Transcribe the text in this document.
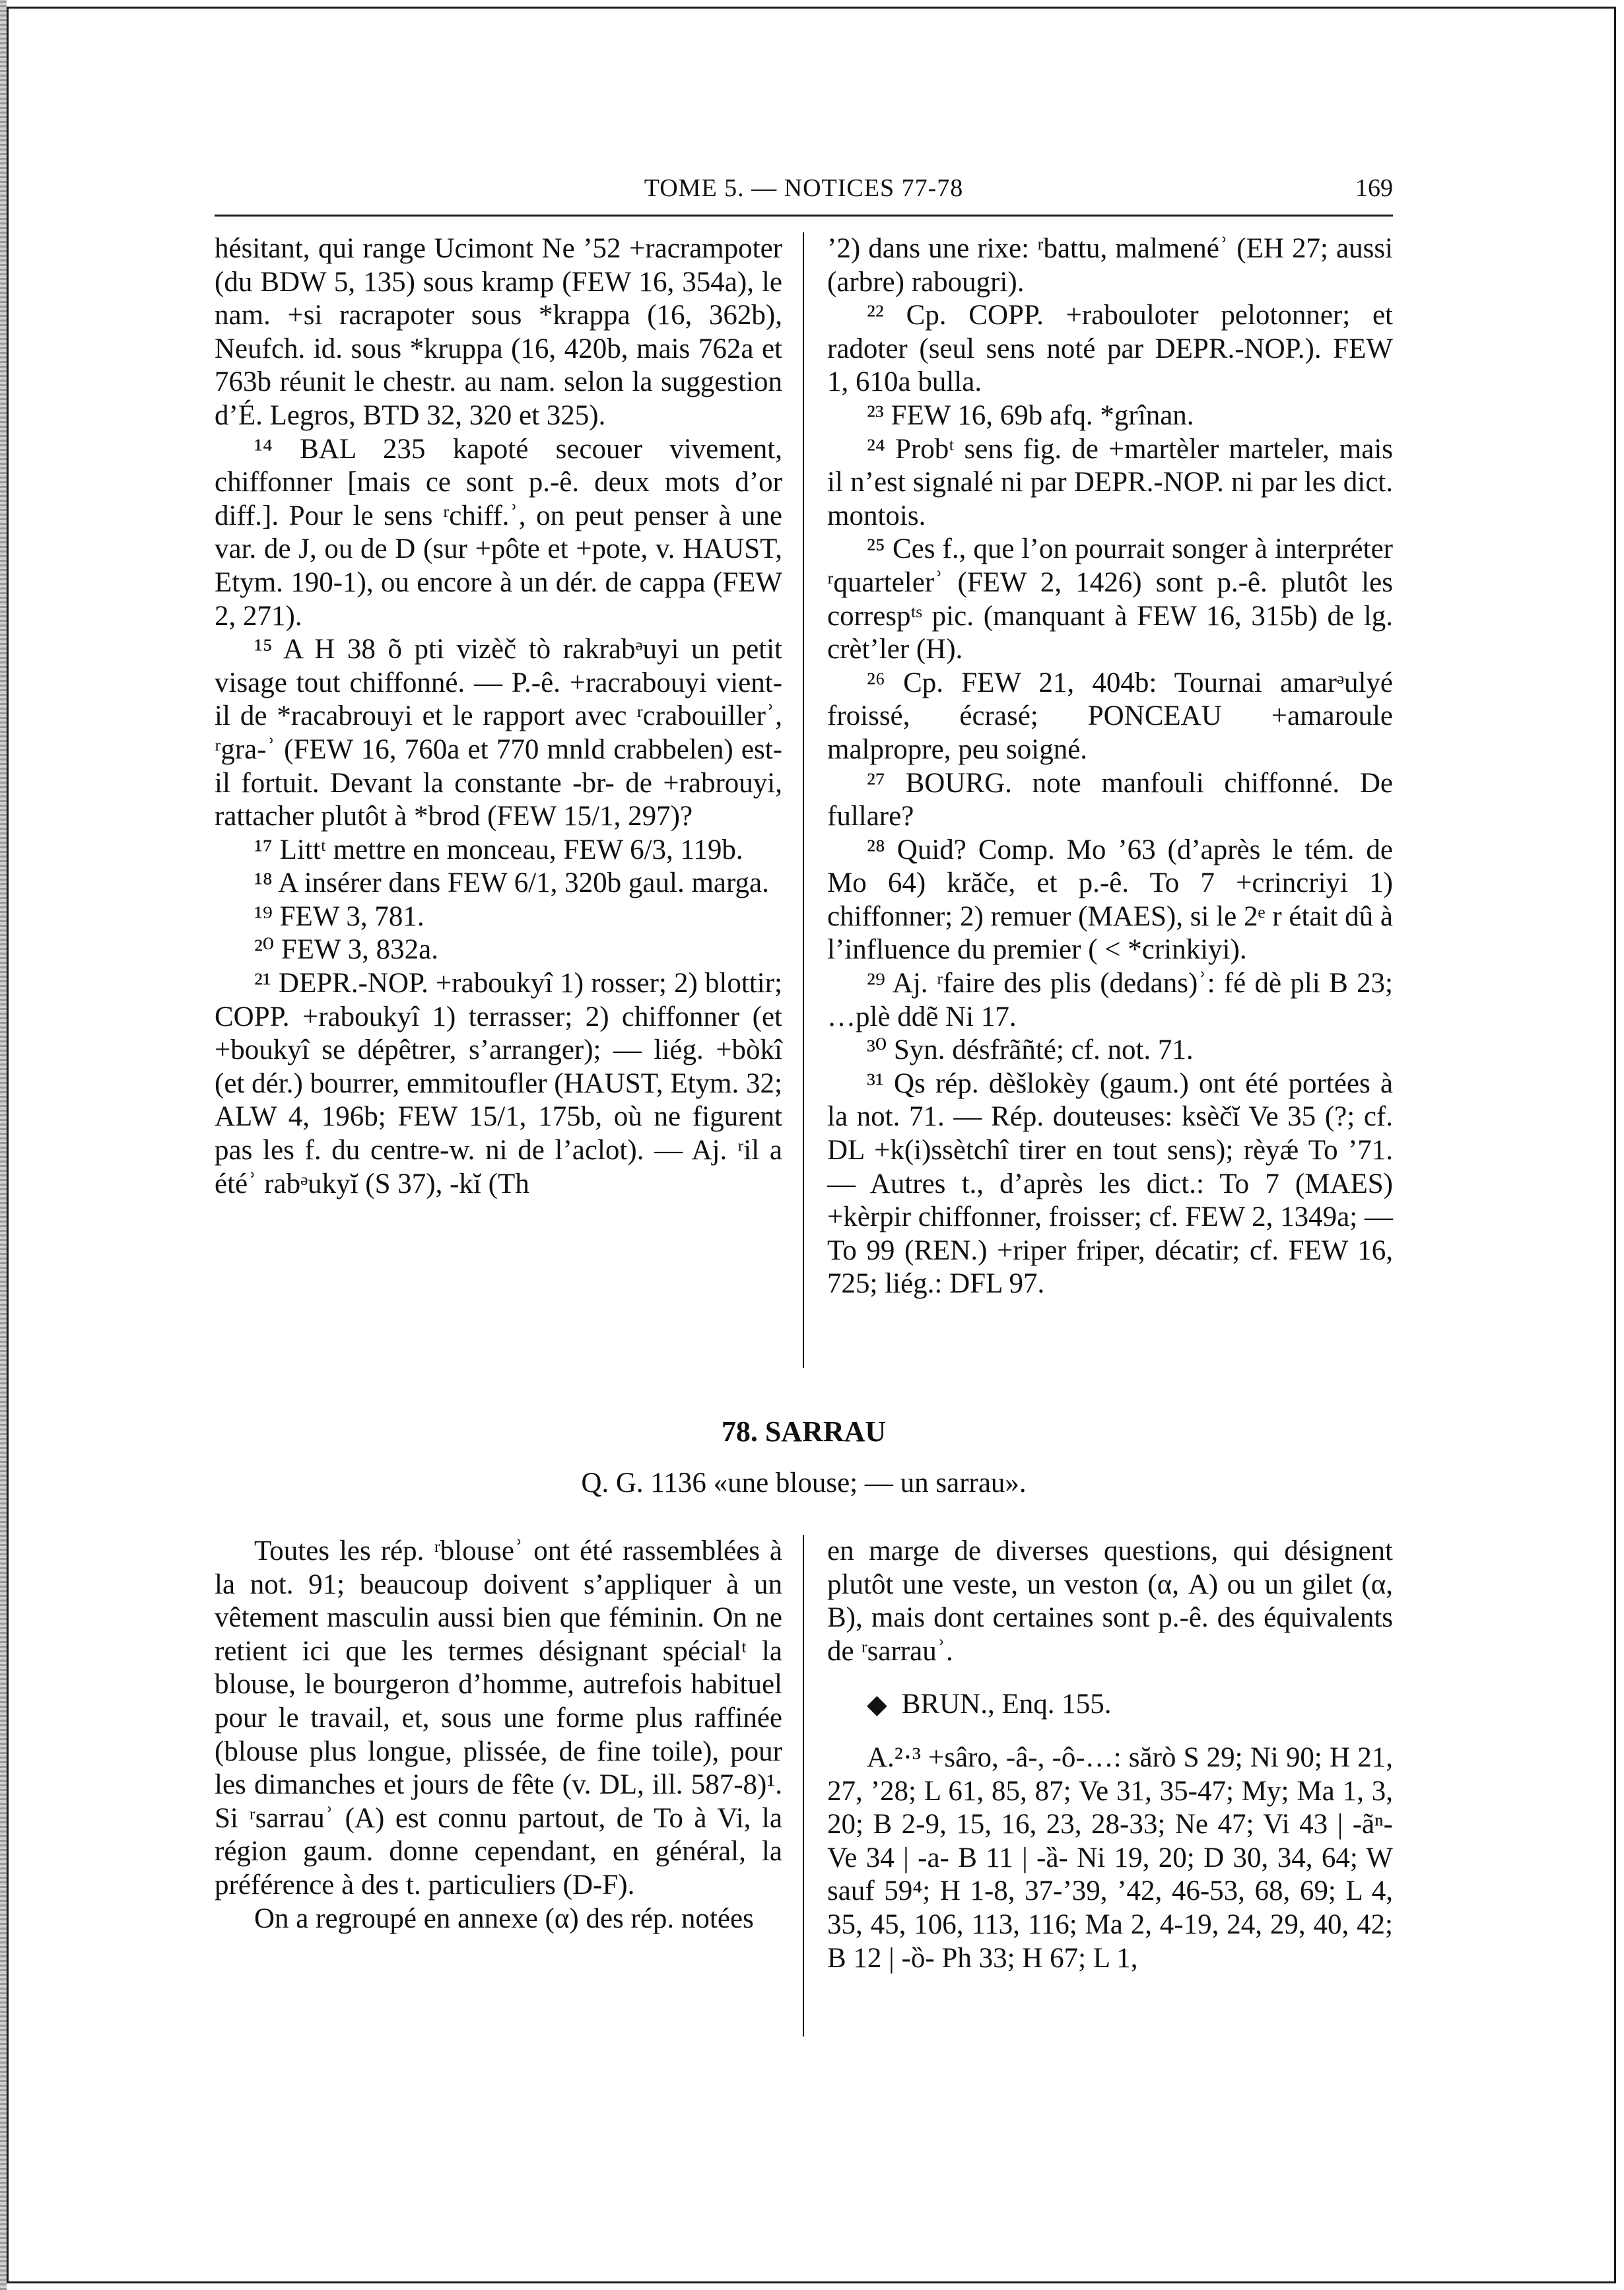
TOME 5. — NOTICES 77-78	169

hésitant, qui range Ucimont Ne ’52 +racrampoter (du BDW 5, 135) sous kramp (FEW 16, 354a), le nam. +si racrapoter sous *krappa (16, 362b), Neufch. id. sous *kruppa (16, 420b, mais 762a et 763b réunit le chestr. au nam. selon la suggestion d’É. Legros, BTD 32, 320 et 325).

¹⁴ BAL 235 kapoté secouer vivement, chiffonner [mais ce sont p.-ê. deux mots d’or diff.]. Pour le sens ʳchiff.ʾ, on peut penser à une var. de J, ou de D (sur +pôte et +pote, v. HAUST, Etym. 190-1), ou encore à un dér. de cappa (FEW 2, 271).

¹⁵ A H 38 õ pti vizèč tò rakrabᵊuyi un petit visage tout chiffonné. — P.-ê. +racrabouyi vient-il de *racabrouyi et le rapport avec ʳcrabouillerʾ, ʳgra-ʾ (FEW 16, 760a et 770 mnld crabbelen) est-il fortuit. Devant la constante -br- de +rabrouyi, rattacher plutôt à *brod (FEW 15/1, 297)?

¹⁷ Littᵗ mettre en monceau, FEW 6/3, 119b.

¹⁸ A insérer dans FEW 6/1, 320b gaul. marga.

¹⁹ FEW 3, 781.

²⁰ FEW 3, 832a.

²¹ DEPR.-NOP. +raboukyî 1) rosser; 2) blottir; COPP. +raboukyî 1) terrasser; 2) chiffonner (et +boukyî se dépêtrer, s’arranger); — liég. +bòkî (et dér.) bourrer, emmitoufler (HAUST, Etym. 32; ALW 4, 196b; FEW 15/1, 175b, où ne figurent pas les f. du centre-w. ni de l’aclot). — Aj. ʳil a étéʾ rabᵊukyĭ (S 37), -kĭ (Th

’2) dans une rixe: ʳbattu, malmenéʾ (EH 27; aussi (arbre) rabougri).

²² Cp. COPP. +rabouloter pelotonner; et radoter (seul sens noté par DEPR.-NOP.). FEW 1, 610a bulla.

²³ FEW 16, 69b afq. *grînan.

²⁴ Probᵗ sens fig. de +martèler marteler, mais il n’est signalé ni par DEPR.-NOP. ni par les dict. montois.

²⁵ Ces f., que l’on pourrait songer à interpréter ʳquartelerʾ (FEW 2, 1426) sont p.-ê. plutôt les correspᵗˢ pic. (manquant à FEW 16, 315b) de lg. crèt’ler (H).

²⁶ Cp. FEW 21, 404b: Tournai amarᵊulyé froissé, écrasé; PONCEAU +amaroule malpropre, peu soigné.

²⁷ BOURG. note manfouli chiffonné. De fullare?

²⁸ Quid? Comp. Mo ’63 (d’après le tém. de Mo 64) krăče, et p.-ê. To 7 +crincriyi 1) chiffonner; 2) remuer (MAES), si le 2ᵉ r était dû à l’influence du premier ( < *crinkiyi).

²⁹ Aj. ʳfaire des plis (dedans)ʾ: fé dè pli B 23; …plè ddẽ Ni 17.

³⁰ Syn. désfrãñté; cf. not. 71.

³¹ Qs rép. dèšlokèy (gaum.) ont été portées à la not. 71. — Rép. douteuses: ksèčĭ Ve 35 (?; cf. DL +k(i)ssètchî tirer en tout sens); rèyǽ To ’71. — Autres t., d’après les dict.: To 7 (MAES) +kèrpir chiffonner, froisser; cf. FEW 2, 1349a; — To 99 (REN.) +riper friper, décatir; cf. FEW 16, 725; liég.: DFL 97.

78. SARRAU
Q. G. 1136 «une blouse; — un sarrau».

Toutes les rép. ʳblouseʾ ont été rassemblées à la not. 91; beaucoup doivent s’appliquer à un vêtement masculin aussi bien que féminin. On ne retient ici que les termes désignant spécialᵗ la blouse, le bourgeron d’homme, autrefois habituel pour le travail, et, sous une forme plus raffinée (blouse plus longue, plissée, de fine toile), pour les dimanches et jours de fête (v. DL, ill. 587-8)¹. Si ʳsarrauʾ (A) est connu partout, de To à Vi, la région gaum. donne cependant, en général, la préférence à des t. particuliers (D-F).

On a regroupé en annexe (α) des rép. notées

en marge de diverses questions, qui désignent plutôt une veste, un veston (α, A) ou un gilet (α, B), mais dont certaines sont p.-ê. des équivalents de ʳsarrauʾ.

◆ BRUN., Enq. 155.

A.²·³ +sâro, -â-, -ô-…: sărò S 29; Ni 90; H 21, 27, ’28; L 61, 85, 87; Ve 31, 35-47; My; Ma 1, 3, 20; B 2-9, 15, 16, 23, 28-33; Ne 47; Vi 43 | -ãⁿ- Ve 34 | -a- B 11 | -ȁ- Ni 19, 20; D 30, 34, 64; W sauf 59⁴; H 1-8, 37-’39, ’42, 46-53, 68, 69; L 4, 35, 45, 106, 113, 116; Ma 2, 4-19, 24, 29, 40, 42; B 12 | -ȍ- Ph 33; H 67; L 1,
